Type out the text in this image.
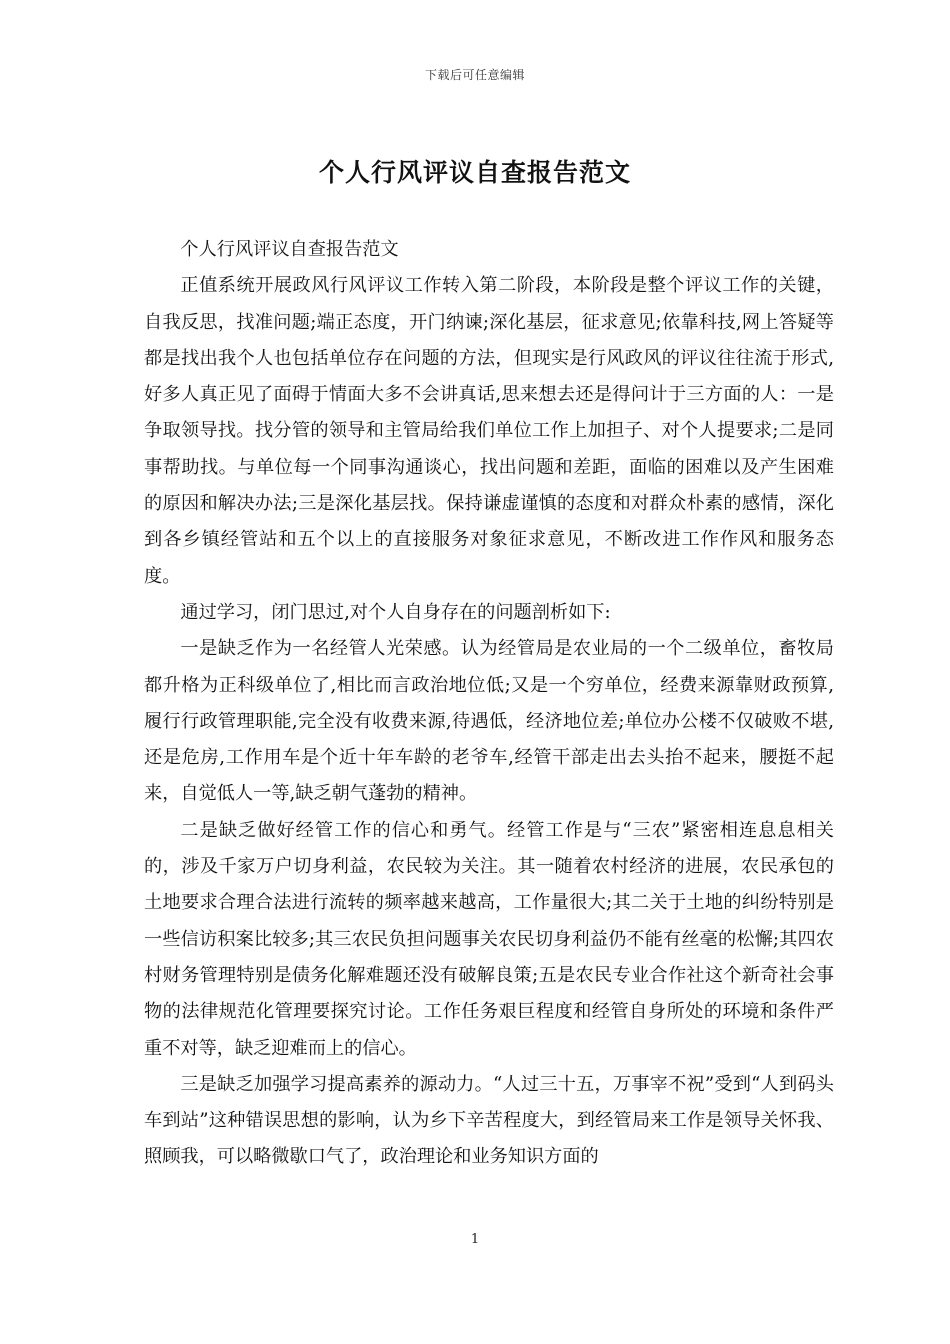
下载后可任意编辑
个人行风评议自查报告范文

个人行风评议自查报告范文

正值系统开展政风行风评议工作转入第二阶段，本阶段是整个评议工作的关键，自我反思，找准问题;端正态度，开门纳谏;深化基层，征求意见;依靠科技,网上答疑等都是找出我个人也包括单位存在问题的方法，但现实是行风政风的评议往往流于形式,好多人真正见了面碍于情面大多不会讲真话,思来想去还是得问计于三方面的人：一是争取领导找。找分管的领导和主管局给我们单位工作上加担子、对个人提要求;二是同事帮助找。与单位每一个同事沟通谈心，找出问题和差距，面临的困难以及产生困难的原因和解决办法;三是深化基层找。保持谦虚谨慎的态度和对群众朴素的感情，深化到各乡镇经管站和五个以上的直接服务对象征求意见，不断改进工作作风和服务态度。

通过学习，闭门思过,对个人自身存在的问题剖析如下:

一是缺乏作为一名经管人光荣感。认为经管局是农业局的一个二级单位，畜牧局都升格为正科级单位了,相比而言政治地位低;又是一个穷单位，经费来源靠财政预算,履行行政管理职能,完全没有收费来源,待遇低，经济地位差;单位办公楼不仅破败不堪,还是危房,工作用车是个近十年车龄的老爷车,经管干部走出去头抬不起来，腰挺不起来，自觉低人一等,缺乏朝气蓬勃的精神。

二是缺乏做好经管工作的信心和勇气。经管工作是与“三农”紧密相连息息相关的，涉及千家万户切身利益，农民较为关注。其一随着农村经济的进展，农民承包的土地要求合理合法进行流转的频率越来越高，工作量很大;其二关于土地的纠纷特别是一些信访积案比较多;其三农民负担问题事关农民切身利益仍不能有丝毫的松懈;其四农村财务管理特别是债务化解难题还没有破解良策;五是农民专业合作社这个新奇社会事物的法律规范化管理要探究讨论。工作任务艰巨程度和经管自身所处的环境和条件严重不对等，缺乏迎难而上的信心。

三是缺乏加强学习提高素养的源动力。“人过三十五，万事宰不祝”受到“人到码头车到站”这种错误思想的影响，认为乡下辛苦程度大，到经管局来工作是领导关怀我、照顾我，可以略微歇口气了，政治理论和业务知识方面的

1
